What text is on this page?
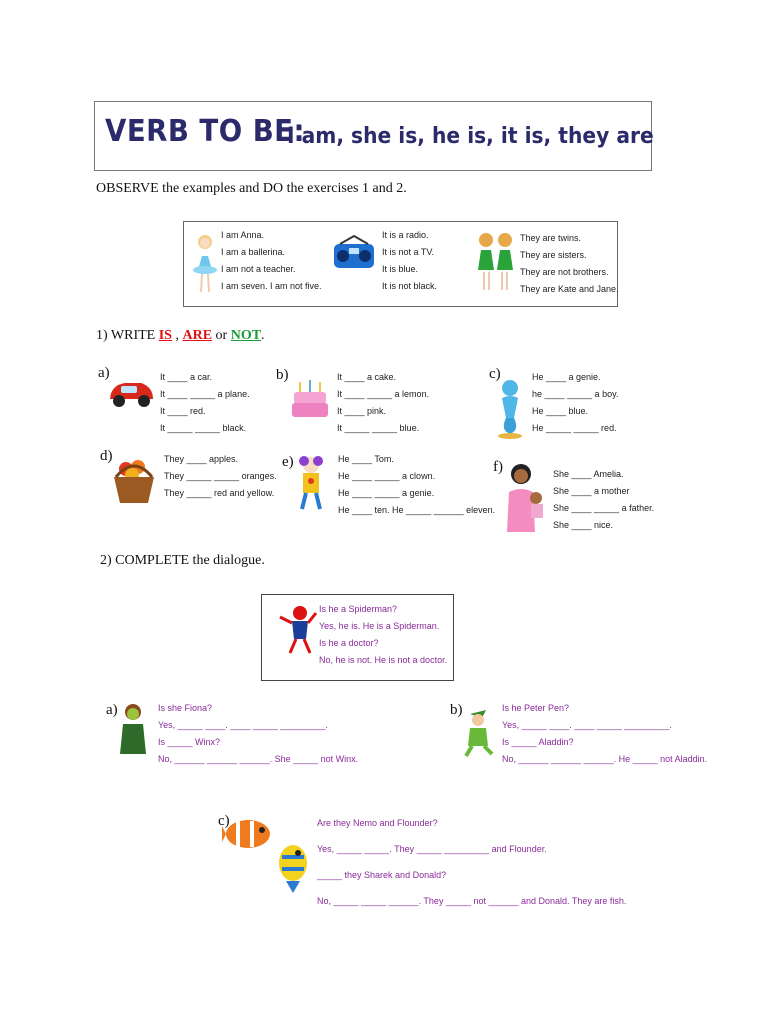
VERB TO BE:
I am, she is, he is, it is, they are
OBSERVE the examples and DO the exercises 1 and 2.
I am Anna.
I am a ballerina.
I am not a teacher.
I am seven. I am not five.
It is a radio.
It is not a TV.
It is blue.
It is not black.
They are twins.
They are sisters.
They are not brothers.
They are Kate and Jane.
1) WRITE IS , ARE or NOT.
a)	It ____ a car.
It ____ _____ a plane.
It ____ red.
It _____ _____ black.
b)	It ____ a cake.
It ____ _____ a lemon.
It ____ pink.
It _____ _____ blue.
c)	He ____ a genie.
he ____ _____ a boy.
He ____ blue.
He _____ _____ red.
d)	They ____ apples.
They _____ _____ oranges.
They _____ red and yellow.
e)	He ____ Tom.
He ____ _____ a clown.
He ____ _____ a genie.
He ____ ten. He _____ ______ eleven.
f)	She ____ Amelia.
She ____ a mother
She ____ _____ a father.
She ____ nice.
2) COMPLETE the dialogue.
Is he a Spiderman?
Yes, he is. He is a Spiderman.
Is he a doctor?
No, he is not. He is not a doctor.
a)	Is she Fiona?
Yes, _____ ____. ____ _____ _________.
Is _____ Winx?
No, ______ ______ ______. She _____ not Winx.
b)	Is he Peter Pen?
Yes, _____ ____. ____ _____ _________.
Is _____ Aladdin?
No, ______ ______ ______. He _____ not Aladdin.
c)	Are they Nemo and Flounder?
Yes, _____ _____. They _____ _________ and Flounder.
_____ they Sharek and Donald?
No, _____ _____ ______. They _____ not ______ and Donald. They are fish.
